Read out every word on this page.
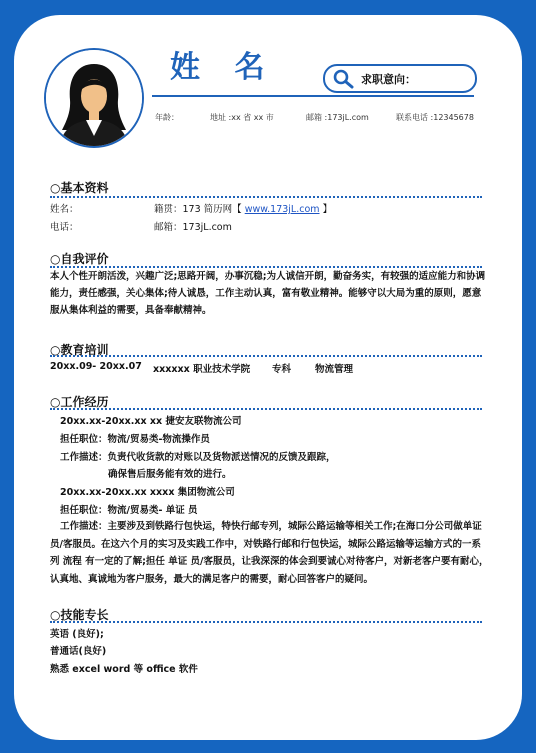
姓 名	求职意向：
年龄：	地址 :xx 省 xx 市	邮箱 :173jL.com	联系电话 :12345678
○基本资料
姓名：	籍贯：173 简历网【 www.173jL.com 】
电话：	邮箱：173jL.com
○自我评价
本人个性开朗活泼，兴趣广泛;思路开阔，办事沉稳;为人诚信开朗，勤奋务实，有较强的适应能力和协调能力，责任感强，关心集体;待人诚恳，工作主动认真，富有敬业精神。能够守以大局为重的原则，愿意服从集体利益的需要，具备奉献精神。
○教育培训
20xx.09- 20xx.07 xxxxxx 职业技术学院 专科	物流管理
○工作经历
20xx.xx-20xx.xx xx 捷安友联物流公司
担任职位：物流/贸易类-物流操作员
工作描述：负责代收货款的对账以及货物派送情况的反馈及跟踪，
确保售后服务能有效的进行。
20xx.xx-20xx.xx xxxx 集团物流公司
担任职位：物流/贸易类- 单证 员
工作描述：主要涉及到铁路行包快运，特快行邮专列，城际公路运输等相关工作;在海口分公司做单证员/客服员。在这六个月的实习及实践工作中，对铁路行邮和行包快运，城际公路运输等运输方式的一系列 流程 有一定的了解;担任 单证 员/客服员，让我深深的体会到要诚心对待客户，对新老客户要有耐心，认真地、真诚地为客户服务，最大的满足客户的需要，耐心回答客户的疑问。
○技能专长
英语 (良好);
普通话(良好)
熟悉 excel word 等 office 软件
